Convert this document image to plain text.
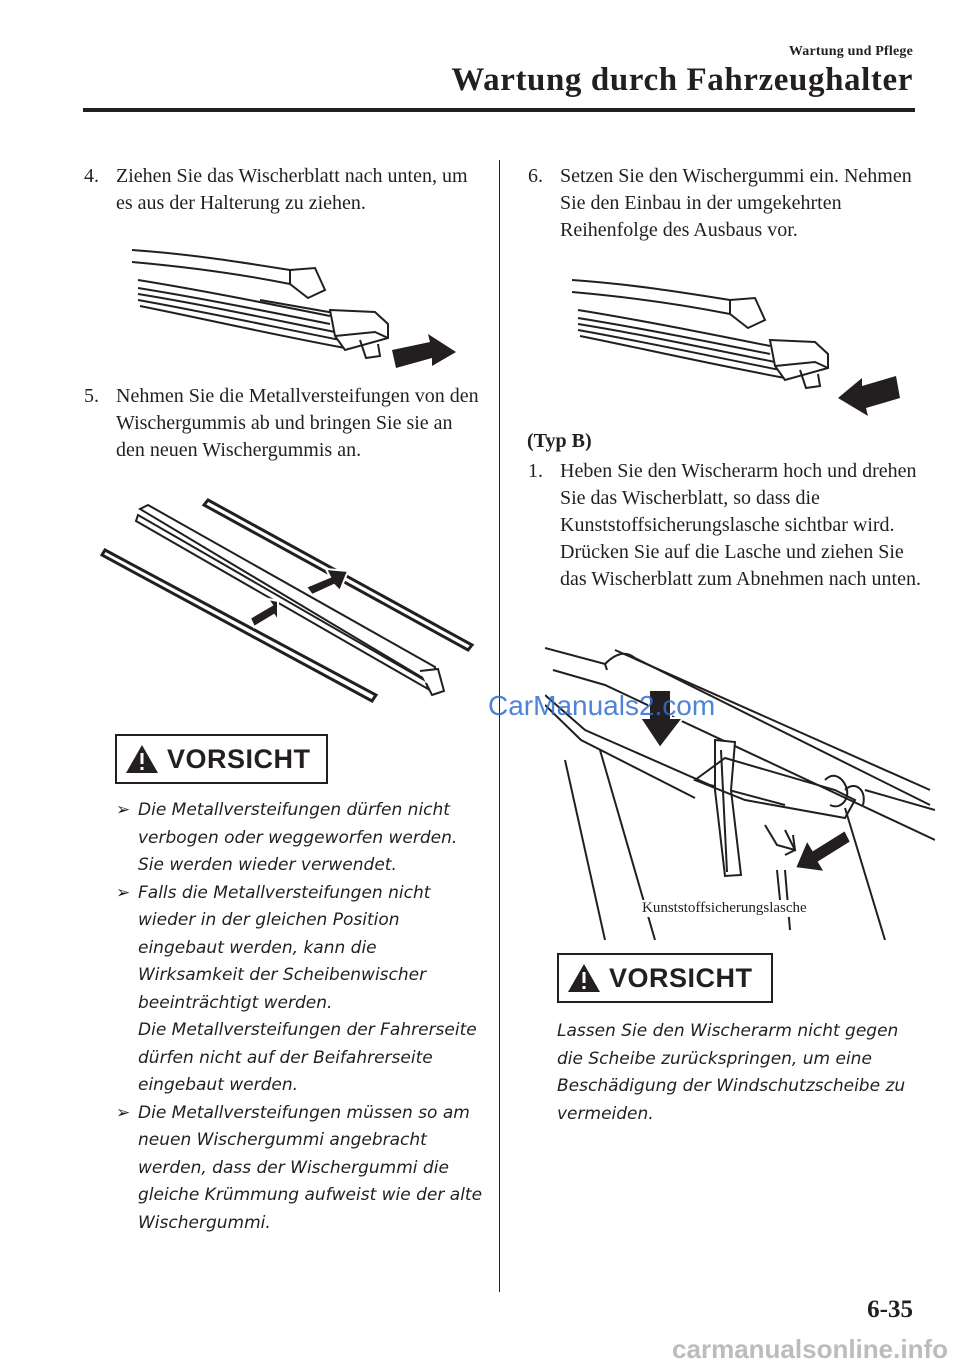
Wartung und Pflege
Wartung durch Fahrzeughalter
4. Ziehen Sie das Wischerblatt nach unten, um es aus der Halterung zu ziehen.
5. Nehmen Sie die Metallversteifungen von den Wischergummis ab und bringen Sie sie an den neuen Wischergummis an.
VORSICHT
➢ Die Metallversteifungen dürfen nicht verbogen oder weggeworfen werden. Sie werden wieder verwendet.
➢ Falls die Metallversteifungen nicht wieder in der gleichen Position eingebaut werden, kann die Wirksamkeit der Scheibenwischer beeinträchtigt werden.
Die Metallversteifungen der Fahrerseite dürfen nicht auf der Beifahrerseite eingebaut werden.
➢ Die Metallversteifungen müssen so am neuen Wischergummi angebracht werden, dass der Wischergummi die gleiche Krümmung aufweist wie der alte Wischergummi.
6. Setzen Sie den Wischergummi ein. Nehmen Sie den Einbau in der umgekehrten Reihenfolge des Ausbaus vor.
(Typ B)
1. Heben Sie den Wischerarm hoch und drehen Sie das Wischerblatt, so dass die Kunststoffsicherungslasche sichtbar wird.
Drücken Sie auf die Lasche und ziehen Sie das Wischerblatt zum Abnehmen nach unten.
Kunststoffsicherungslasche
VORSICHT
Lassen Sie den Wischerarm nicht gegen die Scheibe zurückspringen, um eine Beschädigung der Windschutzscheibe zu vermeiden.
CarManuals2.com
6-35
carmanualsonline.info
